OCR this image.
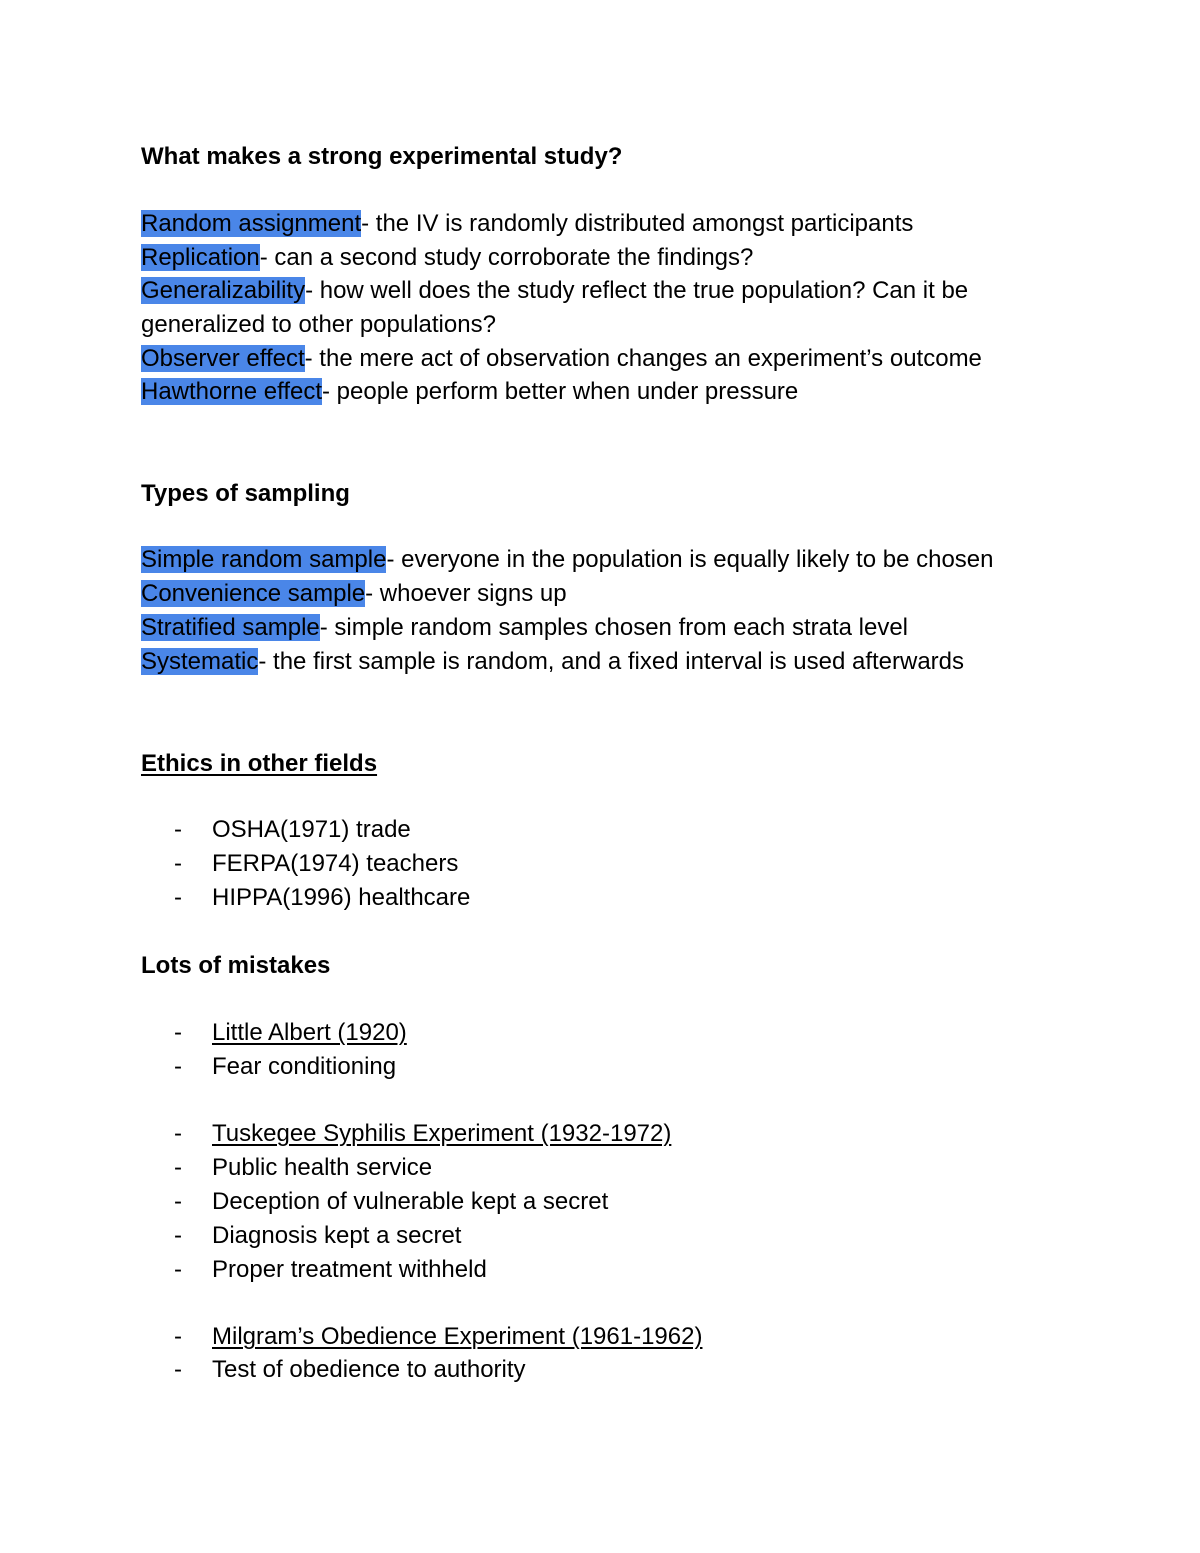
What makes a strong experimental study?
Random assignment- the IV is randomly distributed amongst participants
Replication- can a second study corroborate the findings?
Generalizability- how well does the study reflect the true population? Can it be
generalized to other populations?
Observer effect- the mere act of observation changes an experiment’s outcome
Hawthorne effect- people perform better when under pressure
Types of sampling
Simple random sample- everyone in the population is equally likely to be chosen
Convenience sample- whoever signs up
Stratified sample- simple random samples chosen from each strata level
Systematic- the first sample is random, and a fixed interval is used afterwards
Ethics in other fields
- OSHA(1971) trade
- FERPA(1974) teachers
- HIPPA(1996) healthcare
Lots of mistakes
- Little Albert (1920)
- Fear conditioning
- Tuskegee Syphilis Experiment (1932-1972)
- Public health service
- Deception of vulnerable kept a secret
- Diagnosis kept a secret
- Proper treatment withheld
- Milgram’s Obedience Experiment (1961-1962)
- Test of obedience to authority
